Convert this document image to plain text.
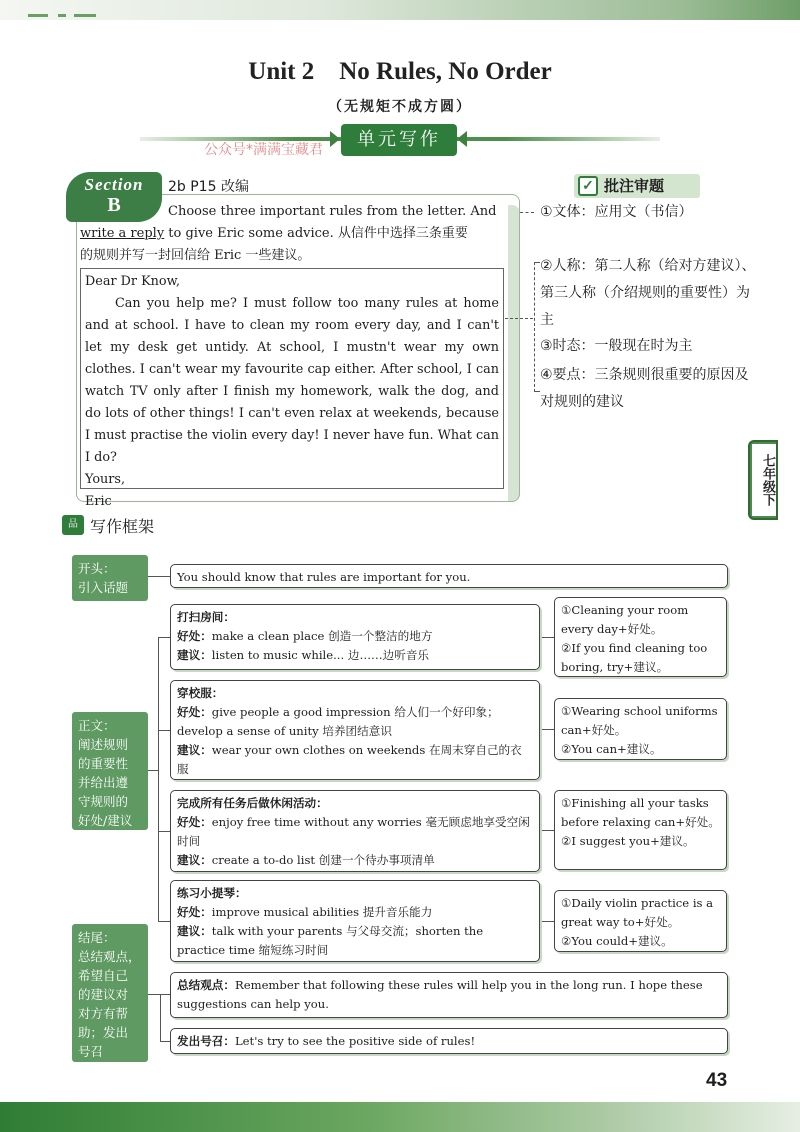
Unit 2    No Rules, No Order
（无规矩不成方圆）
单元写作
公众号*满满宝藏君
Section
B
2b P15 改编
Choose three important rules from the letter. And
write a reply to give Eric some advice. 从信件中选择三条重要
的规则并写一封回信给 Eric 一些建议。

Dear Dr Know,

Can you help me? I must follow too many rules at home and at school. I have to clean my room every day, and I can't let my desk get untidy. At school, I mustn't wear my own clothes. I can't wear my favourite cap either. After school, I can watch TV only after I finish my homework, walk the dog, and do lots of other things! I can't even relax at weekends, because I must practise the violin every day! I never have fun. What can I do?

Yours,

Eric

✓ 批注审题
①文体：应用文（书信）
②人称：第二人称（给对方建议）、第三人称（介绍规则的重要性）为主
③时态：一般现在时为主
④要点：三条规则很重要的原因及对规则的建议
七年级下
品 写作框架
开头：
引入话题
正文：
阐述规则
的重要性
并给出遵
守规则的
好处/建议
结尾：
总结观点，
希望自己
的建议对
对方有帮
助；发出
号召
You should know that rules are important for you.
打扫房间：
好处：make a clean place 创造一个整洁的地方
建议：listen to music while... 边……边听音乐
穿校服：
好处：give people a good impression 给人们一个好印象；develop a sense of unity 培养团结意识
建议：wear your own clothes on weekends 在周末穿自己的衣服
完成所有任务后做休闲活动：
好处：enjoy free time without any worries 毫无顾虑地享受空闲时间
建议：create a to-do list 创建一个待办事项清单
练习小提琴：
好处：improve musical abilities 提升音乐能力
建议：talk with your parents 与父母交流；shorten the practice time 缩短练习时间
①Cleaning your room every day+好处。
②If you find cleaning too boring, try+建议。
①Wearing school uniforms can+好处。
②You can+建议。
①Finishing all your tasks before relaxing can+好处。
②I suggest you+建议。
①Daily violin practice is a great way to+好处。
②You could+建议。
总结观点：Remember that following these rules will help you in the long run. I hope these suggestions can help you.
发出号召：Let's try to see the positive side of rules!
43
